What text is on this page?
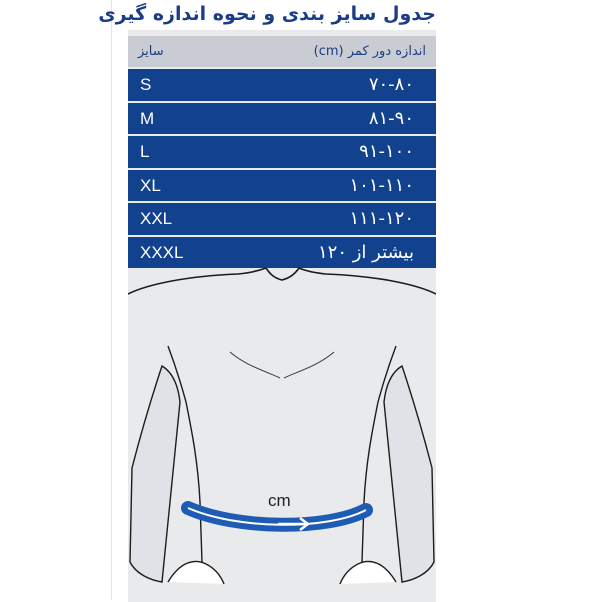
جدول سایز بندی و نحوه اندازه گیری
سایز	اندازه دور کمر (cm)
S	۷۰-۸۰
M	۸۱-۹۰
L	۹۱-۱۰۰
XL	۱۰۱-۱۱۰
XXL	۱۱۱-۱۲۰
XXXL	بیشتر از ۱۲۰
cm
